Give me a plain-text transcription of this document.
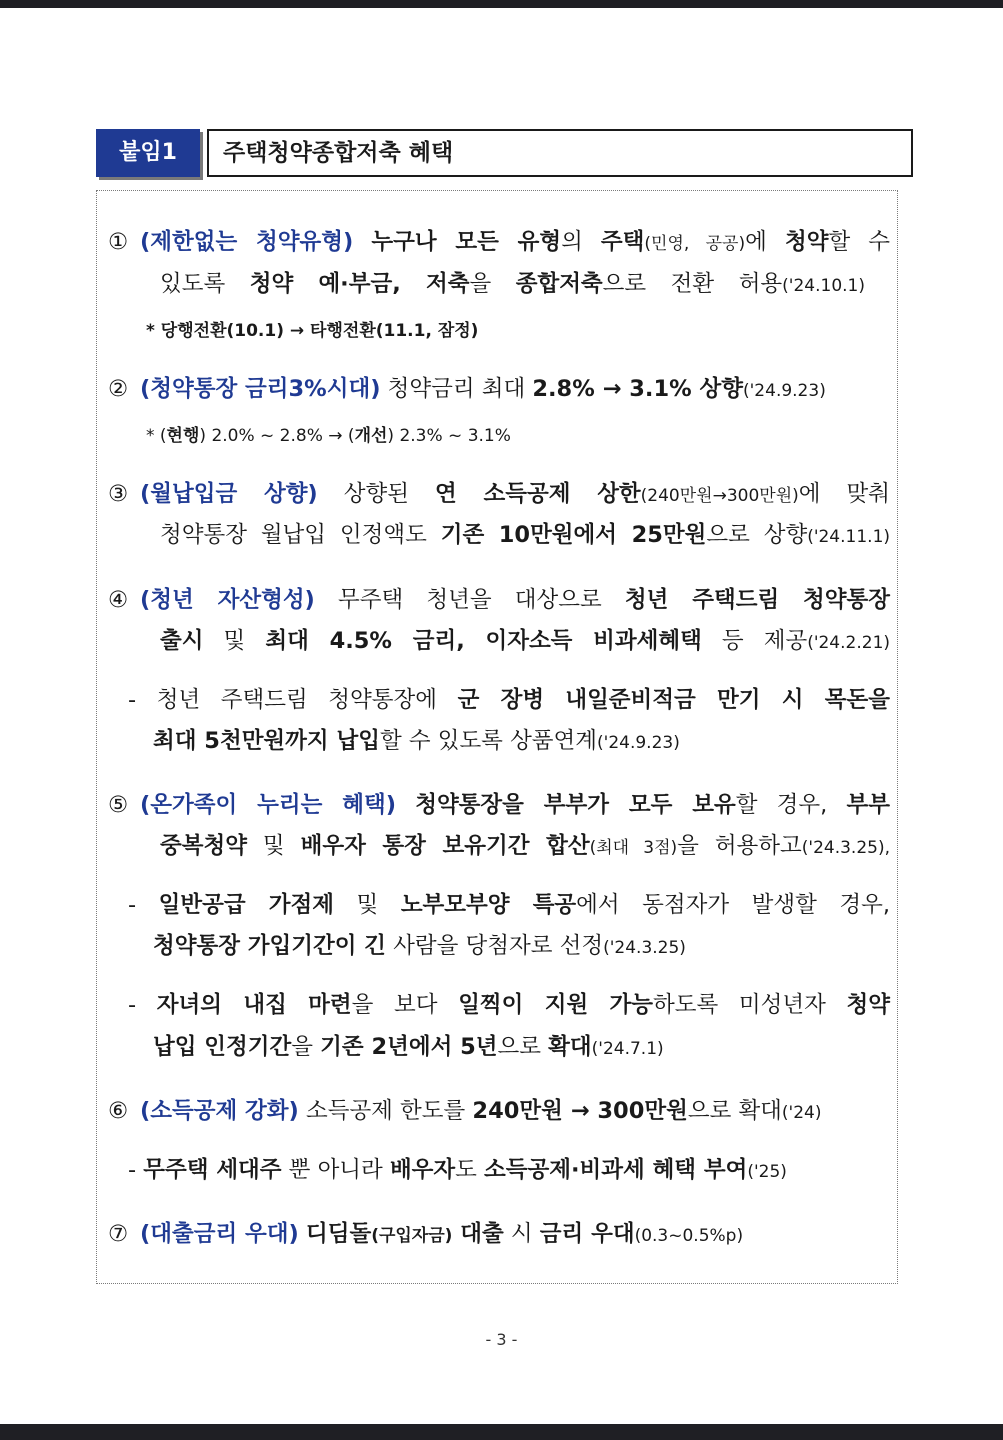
붙임1	주택청약종합저축 혜택
① (제한없는 청약유형) 누구나 모든 유형의 주택(민영, 공공)에 청약할 수
있도록 청약 예·부금, 저축을 종합저축으로 전환 허용('24.10.1)
* 당행전환(10.1) → 타행전환(11.1, 잠정)
② (청약통장 금리3%시대) 청약금리 최대 2.8% → 3.1% 상향('24.9.23)
* (현행) 2.0% ~ 2.8% → (개선) 2.3% ~ 3.1%
③ (월납입금 상향) 상향된 연 소득공제 상한(240만원→300만원)에 맞춰
청약통장 월납입 인정액도 기존 10만원에서 25만원으로 상향('24.11.1)
④ (청년 자산형성) 무주택 청년을 대상으로 청년 주택드림 청약통장
출시 및 최대 4.5% 금리, 이자소득 비과세혜택 등 제공('24.2.21)
- 청년 주택드림 청약통장에 군 장병 내일준비적금 만기 시 목돈을
최대 5천만원까지 납입할 수 있도록 상품연계('24.9.23)
⑤ (온가족이 누리는 혜택) 청약통장을 부부가 모두 보유할 경우, 부부
중복청약 및 배우자 통장 보유기간 합산(최대 3점)을 허용하고('24.3.25),
- 일반공급 가점제 및 노부모부양 특공에서 동점자가 발생할 경우,
청약통장 가입기간이 긴 사람을 당첨자로 선정('24.3.25)
- 자녀의 내집 마련을 보다 일찍이 지원 가능하도록 미성년자 청약
납입 인정기간을 기존 2년에서 5년으로 확대('24.7.1)
⑥ (소득공제 강화) 소득공제 한도를 240만원 → 300만원으로 확대('24)
- 무주택 세대주 뿐 아니라 배우자도 소득공제·비과세 혜택 부여('25)
⑦ (대출금리 우대) 디딤돌(구입자금) 대출 시 금리 우대(0.3~0.5%p)
- 3 -
